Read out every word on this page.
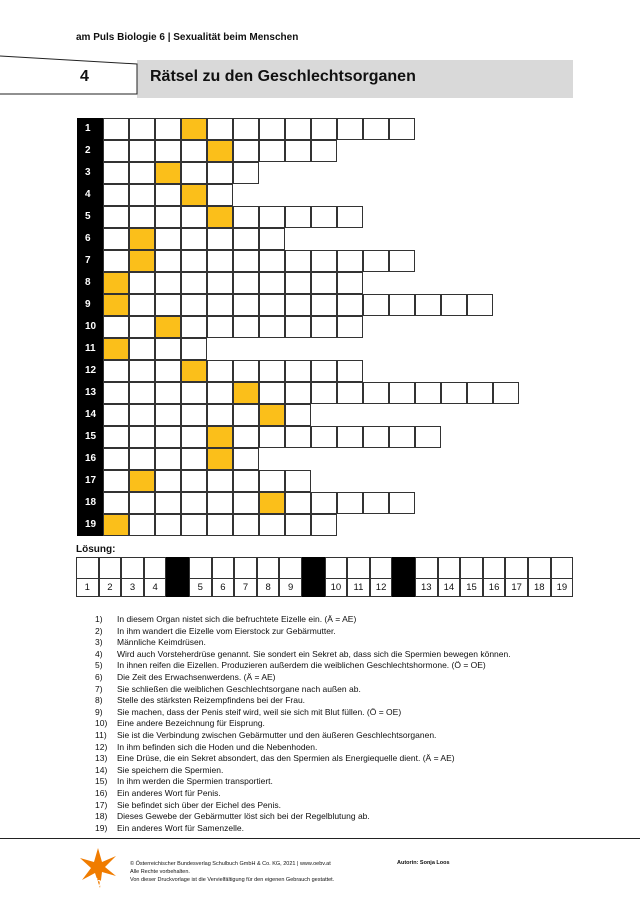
am Puls Biologie 6 | Sexualität beim Menschen
4	Rätsel zu den Geschlechtsorganen
1
2
3
4
5
6
7
8
9
10
11
12
13
14
15
16
17
18
19
Lösung:
1	2	3	4	5	6	7	8	9	10	11	12	13	14	15	16	17	18	19
1)	In diesem Organ nistet sich die befruchtete Eizelle ein. (Ä = AE)
2)	In ihm wandert die Eizelle vom Eierstock zur Gebärmutter.
3)	Männliche Keimdrüsen.
4)	Wird auch Vorsteherdrüse genannt. Sie sondert ein Sekret ab, dass sich die Spermien bewegen können.
5)	In ihnen reifen die Eizellen. Produzieren außerdem die weiblichen Geschlechtshormone. (Ö = OE)
6)	Die Zeit des Erwachsenwerdens. (Ä = AE)
7)	Sie schließen die weiblichen Geschlechtsorgane nach außen ab.
8)	Stelle des stärksten Reizempfindens bei der Frau.
9)	Sie machen, dass der Penis steif wird, weil sie sich mit Blut füllen. (Ö = OE)
10)	Eine andere Bezeichnung für Eisprung.
11)	Sie ist die Verbindung zwischen Gebärmutter und den äußeren Geschlechtsorganen.
12)	In ihm befinden sich die Hoden und die Nebenhoden.
13)	Eine Drüse, die ein Sekret absondert, das den Spermien als Energiequelle dient. (Ä = AE)
14)	Sie speichern die Spermien.
15)	In ihm werden die Spermien transportiert.
16)	Ein anderes Wort für Penis.
17)	Sie befindet sich über der Eichel des Penis.
18)	Dieses Gewebe der Gebärmutter löst sich bei der Regelblutung ab.
19)	Ein anderes Wort für Samenzelle.
öbv
© Österreichischer Bundesverlag Schulbuch GmbH & Co. KG, 2021 | www.oebv.at
Alle Rechte vorbehalten.
Von dieser Druckvorlage ist die Vervielfältigung für den eigenen Gebrauch gestattet.
Autorin: Sonja Loos
